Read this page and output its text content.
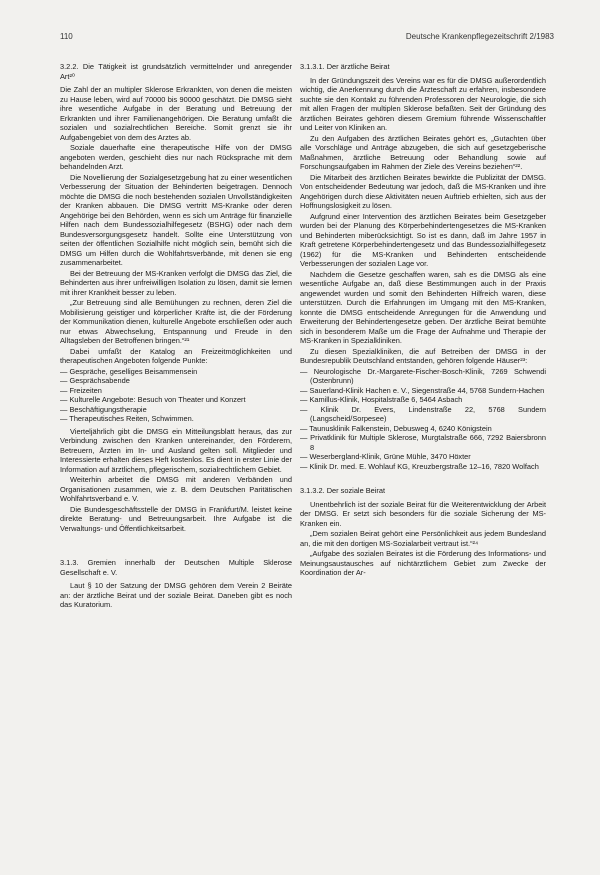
110	Deutsche Krankenpflegezeitschrift 2/1983

3.2.2. Die Tätigkeit ist grundsätzlich vermittelnder und anregender Art²⁰

Die Zahl der an multipler Sklerose Erkrankten, von denen die meisten zu Hause leben, wird auf 70000 bis 90000 geschätzt. Die DMSG sieht ihre wesentliche Aufgabe in der Beratung und Betreuung der Erkrankten und ihrer Familienangehörigen. Die Beratung umfaßt die sozialen und sozialrechtlichen Bereiche. Somit grenzt sie ihr Aufgabengebiet von dem des Arztes ab.

Soziale dauerhafte eine therapeutische Hilfe von der DMSG angeboten werden, geschieht dies nur nach Rücksprache mit dem behandelnden Arzt.

Die Novellierung der Sozialgesetzgebung hat zu einer wesentlichen Verbesserung der Situation der Behinderten beigetragen. Dennoch möchte die DMSG die noch bestehenden sozialen Unvollständigkeiten der Kranken abbauen. Die DMSG vertritt MS-Kranke oder deren Angehörige bei den Behörden, wenn es sich um Anträge für finanzielle Hilfen nach dem Bundessozialhilfegesetz (BSHG) oder nach dem Bundesversorgungsgesetz handelt. Sollte eine Unterstützung von seiten der öffentlichen Sozialhilfe nicht möglich sein, bemüht sich die DMSG um Hilfen durch die Wohlfahrtsverbände, mit denen sie eng zusammenarbeitet.

Bei der Betreuung der MS-Kranken verfolgt die DMSG das Ziel, die Behinderten aus ihrer unfreiwilligen Isolation zu lösen, damit sie lernen mit ihrer Krankheit besser zu leben.

„Zur Betreuung sind alle Bemühungen zu rechnen, deren Ziel die Mobilisierung geistiger und körperlicher Kräfte ist, die der Förderung der Kommunikation dienen, kulturelle Angebote erschließen oder auch nur etwas Abwechselung, Entspannung und Freude in den Alltagsleben der Betroffenen bringen.“²¹

Dabei umfaßt der Katalog an Freizeitmöglichkeiten und therapeutischen Angeboten folgende Punkte:

— Gespräche, geselliges Beisammensein
— Gesprächsabende
— Freizeiten
— Kulturelle Angebote: Besuch von Theater und Konzert
— Beschäftigungstherapie
— Therapeutisches Reiten, Schwimmen.

Vierteljährlich gibt die DMSG ein Mitteilungsblatt heraus, das zur Verbindung zwischen den Kranken untereinander, den Förderern, Betreuern, Ärzten im In- und Ausland gelten soll. Mitglieder und Interessierte erhalten dieses Heft kostenlos. Es dient in erster Linie der Information auf ärztlichem, pflegerischem, sozialrechtlichem Gebiet.

Weiterhin arbeitet die DMSG mit anderen Verbänden und Organisationen zusammen, wie z. B. dem Deutschen Paritätischen Wohlfahrtsverband e. V.

Die Bundesgeschäftsstelle der DMSG in Frankfurt/M. leistet keine direkte Beratung- und Betreuungsarbeit. Ihre Aufgabe ist die Verwaltungs- und Öffentlichkeitsarbeit.

3.1.3. Gremien innerhalb der Deutschen Multiple Sklerose Gesellschaft e. V.

Laut § 10 der Satzung der DMSG gehören dem Verein 2 Beiräte an: der ärztliche Beirat und der soziale Beirat. Daneben gibt es noch das Kuratorium.

3.1.3.1. Der ärztliche Beirat

In der Gründungszeit des Vereins war es für die DMSG außerordentlich wichtig, die Anerkennung durch die Ärzteschaft zu erfahren, insbesondere suchte sie den Kontakt zu führenden Professoren der Neurologie, die sich mit allen Fragen der multiplen Sklerose befaßten. Seit der Gründung des ärztlichen Beirates gehören diesem Gremium führende Wissenschaftler und Leiter von Kliniken an.

Zu den Aufgaben des ärztlichen Beirates gehört es, „Gutachten über alle Vorschläge und Anträge abzugeben, die sich auf gesetzgeberische Maßnahmen, ärztliche Betreuung oder Behandlung sowie auf Forschungsaufgaben im Rahmen der Ziele des Vereins beziehen“²².

Die Mitarbeit des ärztlichen Beirates bewirkte die Publizität der DMSG. Von entscheidender Bedeutung war jedoch, daß die MS-Kranken und ihre Angehörigen durch diese Aktivitäten neuen Auftrieb erhielten, sich aus der Hoffnungslosigkeit zu lösen.

Aufgrund einer Intervention des ärztlichen Beirates beim Gesetzgeber wurden bei der Planung des Körperbehindertengesetzes die MS-Kranken und Behinderten miberücksichtigt. So ist es dann, daß im Jahre 1957 in Kraft getretene Körperbehindertengesetz und das Bundessozialhilfegesetz (1962) für die MS-Kranken und Behinderten entscheidende Verbesserungen der sozialen Lage vor.

Nachdem die Gesetze geschaffen waren, sah es die DMSG als eine wesentliche Aufgabe an, daß diese Bestimmungen auch in der Praxis angewendet wurden und somit den Behinderten Hilfreich waren, diese unterstützen. Durch die Erfahrungen im Umgang mit den MS-Kranken, konnte die DMSG entscheidende Anregungen für die Anwendung und Erweiterung der Behindertengesetze geben. Der ärztliche Beirat bemühte sich in besonderem Maße um die Frage der Aufnahme und Therapie der MS-Kranken in Spezialkliniken.

Zu diesen Spezialkliniken, die auf Betreiben der DMSG in der Bundesrepublik Deutschland entstanden, gehören folgende Häuser²³:

— Neurologische Dr.-Margarete-Fischer-Bosch-Klinik, 7269 Schwendi (Ostenbrunn)
— Sauerland-Klinik Hachen e. V., Siegenstraße 44, 5768 Sundern-Hachen
— Kamillus-Klinik, Hospitalstraße 6, 5464 Asbach
— Klinik Dr. Evers, Lindenstraße 22, 5768 Sundern (Langscheid/Sorpesee)
— Taunusklinik Falkenstein, Debusweg 4, 6240 Königstein
— Privatklinik für Multiple Sklerose, Murgtalstraße 666, 7292 Baiersbronn 8
— Weserbergland-Klinik, Grüne Mühle, 3470 Höxter
— Klinik Dr. med. E. Wohlauf KG, Kreuzbergstraße 12–16, 7820 Wolfach

3.1.3.2. Der soziale Beirat

Unentbehrlich ist der soziale Beirat für die Weiterentwicklung der Arbeit der DMSG. Er setzt sich besonders für die soziale Sicherung der MS-Kranken ein.

„Dem sozialen Beirat gehört eine Persönlichkeit aus jedem Bundesland an, die mit den dortigen MS-Sozialarbeit vertraut ist.“²⁴

„Aufgabe des sozialen Beirates ist die Förderung des Informations- und Meinungsaustausches auf nichtärztlichem Gebiet zum Zwecke der Koordination der Ar-
